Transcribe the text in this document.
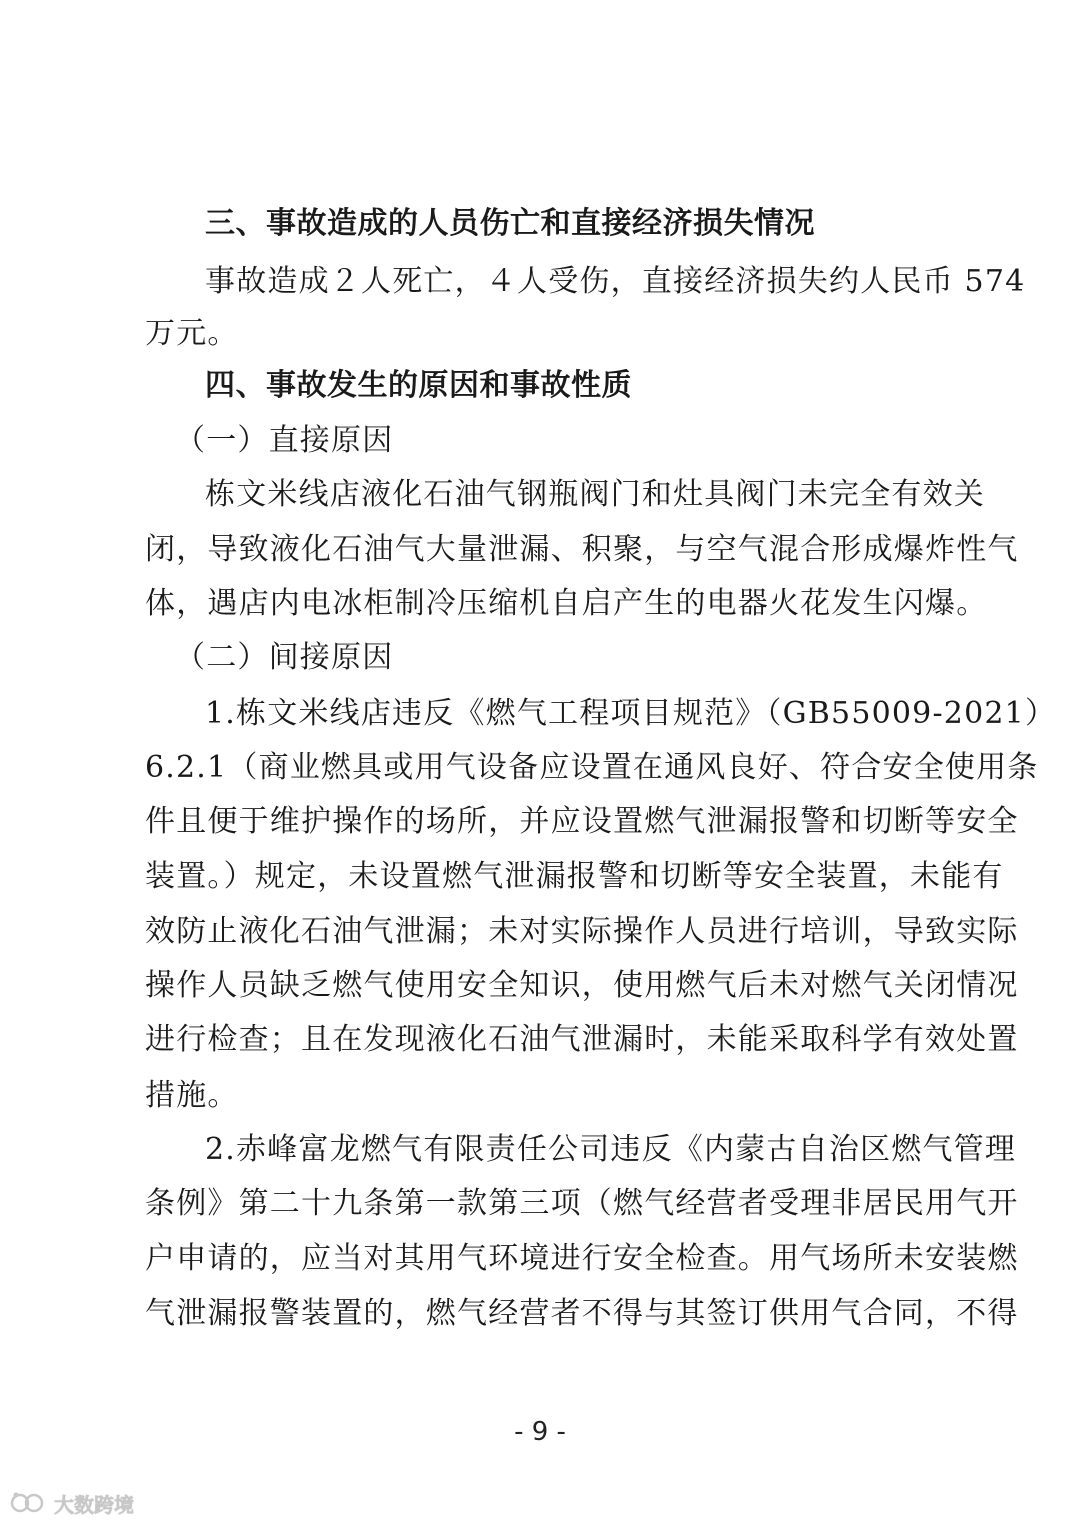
三、事故造成的人员伤亡和直接经济损失情况
事故造成２人死亡，４人受伤，直接经济损失约人民币 574
万元。
四、事故发生的原因和事故性质
（一）直接原因
栋文米线店液化石油气钢瓶阀门和灶具阀门未完全有效关
闭，导致液化石油气大量泄漏、积聚，与空气混合形成爆炸性气
体，遇店内电冰柜制冷压缩机自启产生的电器火花发生闪爆。
（二）间接原因
1.栋文米线店违反《燃气工程项目规范》（GB55009-2021）
6.2.1（商业燃具或用气设备应设置在通风良好、符合安全使用条
件且便于维护操作的场所，并应设置燃气泄漏报警和切断等安全
装置。）规定，未设置燃气泄漏报警和切断等安全装置，未能有
效防止液化石油气泄漏；未对实际操作人员进行培训，导致实际
操作人员缺乏燃气使用安全知识，使用燃气后未对燃气关闭情况
进行检查；且在发现液化石油气泄漏时，未能采取科学有效处置
措施。
2.赤峰富龙燃气有限责任公司违反《内蒙古自治区燃气管理
条例》第二十九条第一款第三项（燃气经营者受理非居民用气开
户申请的，应当对其用气环境进行安全检查。用气场所未安装燃
气泄漏报警装置的，燃气经营者不得与其签订供用气合同，不得
- 9 -
大数跨境
